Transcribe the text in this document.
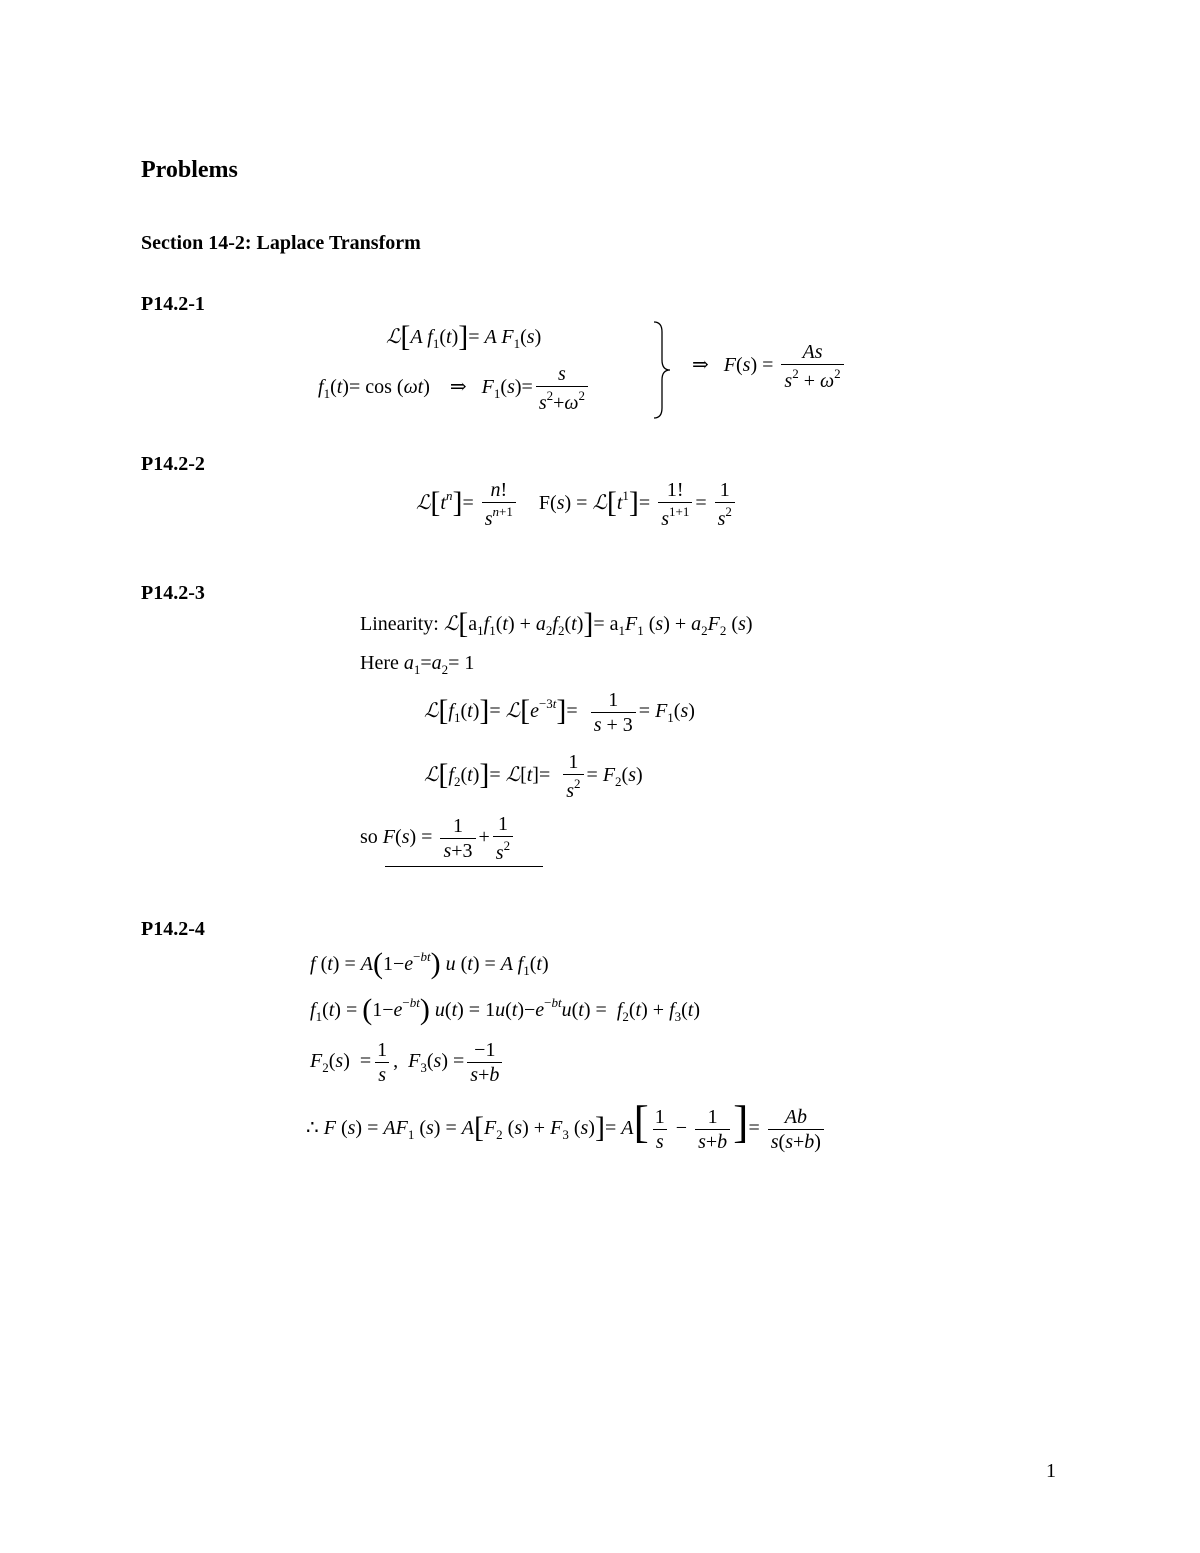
Problems
Section 14-2: Laplace Transform
P14.2-1
P14.2-2
P14.2-3
P14.2-4
ℒ[A $f_1(t)]= A$ $F_1(s)$
$f_1(t)= \cos (\omega t)$    ⇒   $F_1(s)= \frac{s}{s^2+\omega^2}$	⇒   $F(s) = \frac{As}{s^2 + \omega^2}$
$ℒ[t^n]= \frac{n!}{s^{n+1}} F(s)$ = $ℒ[t^1]= \frac{1!}{s^{1+1}} = \frac{1}{s^2}$
Linearity: $ℒ[a_1f_1(t) + a_2f_2(t)]= a_1F_1$ $(s) + a_2F_2$ (s)
Here $a_1=a_2= 1$
$ℒ[f_1(t)]=$ $ℒ[e^{-3t}]= \frac{1}{s + 3} = F_1(s)$
$ℒ[f_2(t)]=$ ℒ[t]= $\frac{1}{s^2} = F_2(s)$
so $F(s) = \frac{1}{s+3} + \frac{1}{s^2}$
f $(t) = A(1-e^{-bt})$ u (t) = A $f_1(t)$
$f_1(t) = (1-e^{-bt}) u(t) = 1u(t)-e^{-bt}u(t) = f_2(t) + f_3(t)$
$F_2(s) = \frac{1}{s}$ ,  $F_3(s) = \frac{-1}{s+b}$
∴ F $(s) = AF_1$ $(s) = A[F_2$ $(s) + F_3$ $(s)]= A[ \frac{1}{s} - \frac{1}{s+b}$ ]= $\frac{Ab}{s(s+b)}$
1
